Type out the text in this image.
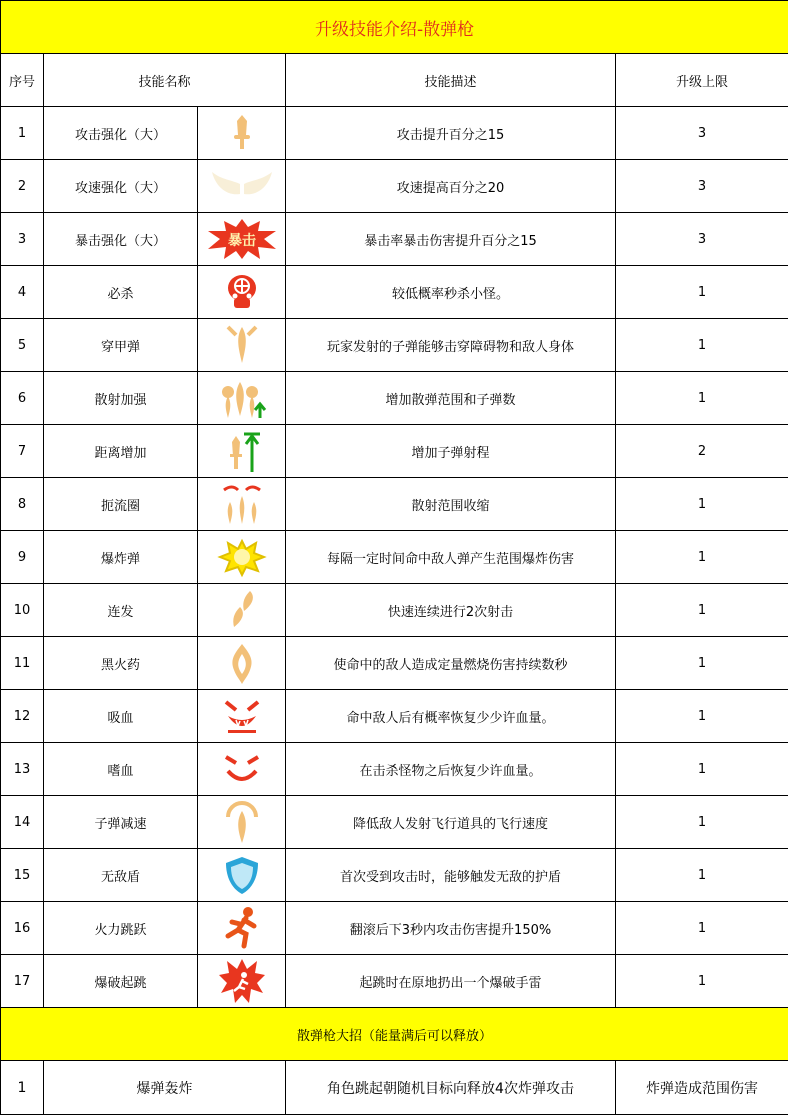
升级技能介绍-散弹枪				
序号	技能名称		技能描述	升级上限
1	攻击强化（大）		攻击提升百分之15	3
2	攻速强化（大）		攻速提高百分之20	3
3	暴击强化（大）	暴击	暴击率暴击伤害提升百分之15	3
4	必杀		较低概率秒杀小怪。	1
5	穿甲弹		玩家发射的子弹能够击穿障碍物和敌人身体	1
6	散射加强		增加散弹范围和子弹数	1
7	距离增加		增加子弹射程	2
8	扼流圈		散射范围收缩	1
9	爆炸弹		每隔一定时间命中敌人弹产生范围爆炸伤害	1
10	连发		快速连续进行2次射击	1
11	黑火药		使命中的敌人造成定量燃烧伤害持续数秒	1
12	吸血		命中敌人后有概率恢复少少许血量。	1
13	嗜血		在击杀怪物之后恢复少许血量。	1
14	子弹减速		降低敌人发射飞行道具的飞行速度	1
15	无敌盾		首次受到攻击时，能够触发无敌的护盾	1
16	火力跳跃		翻滚后下3秒内攻击伤害提升150%	1
17	爆破起跳		起跳时在原地扔出一个爆破手雷	1
散弹枪大招（能量满后可以释放）				
1	爆弹轰炸		角色跳起朝随机目标向释放4次炸弹攻击	炸弹造成范围伤害
